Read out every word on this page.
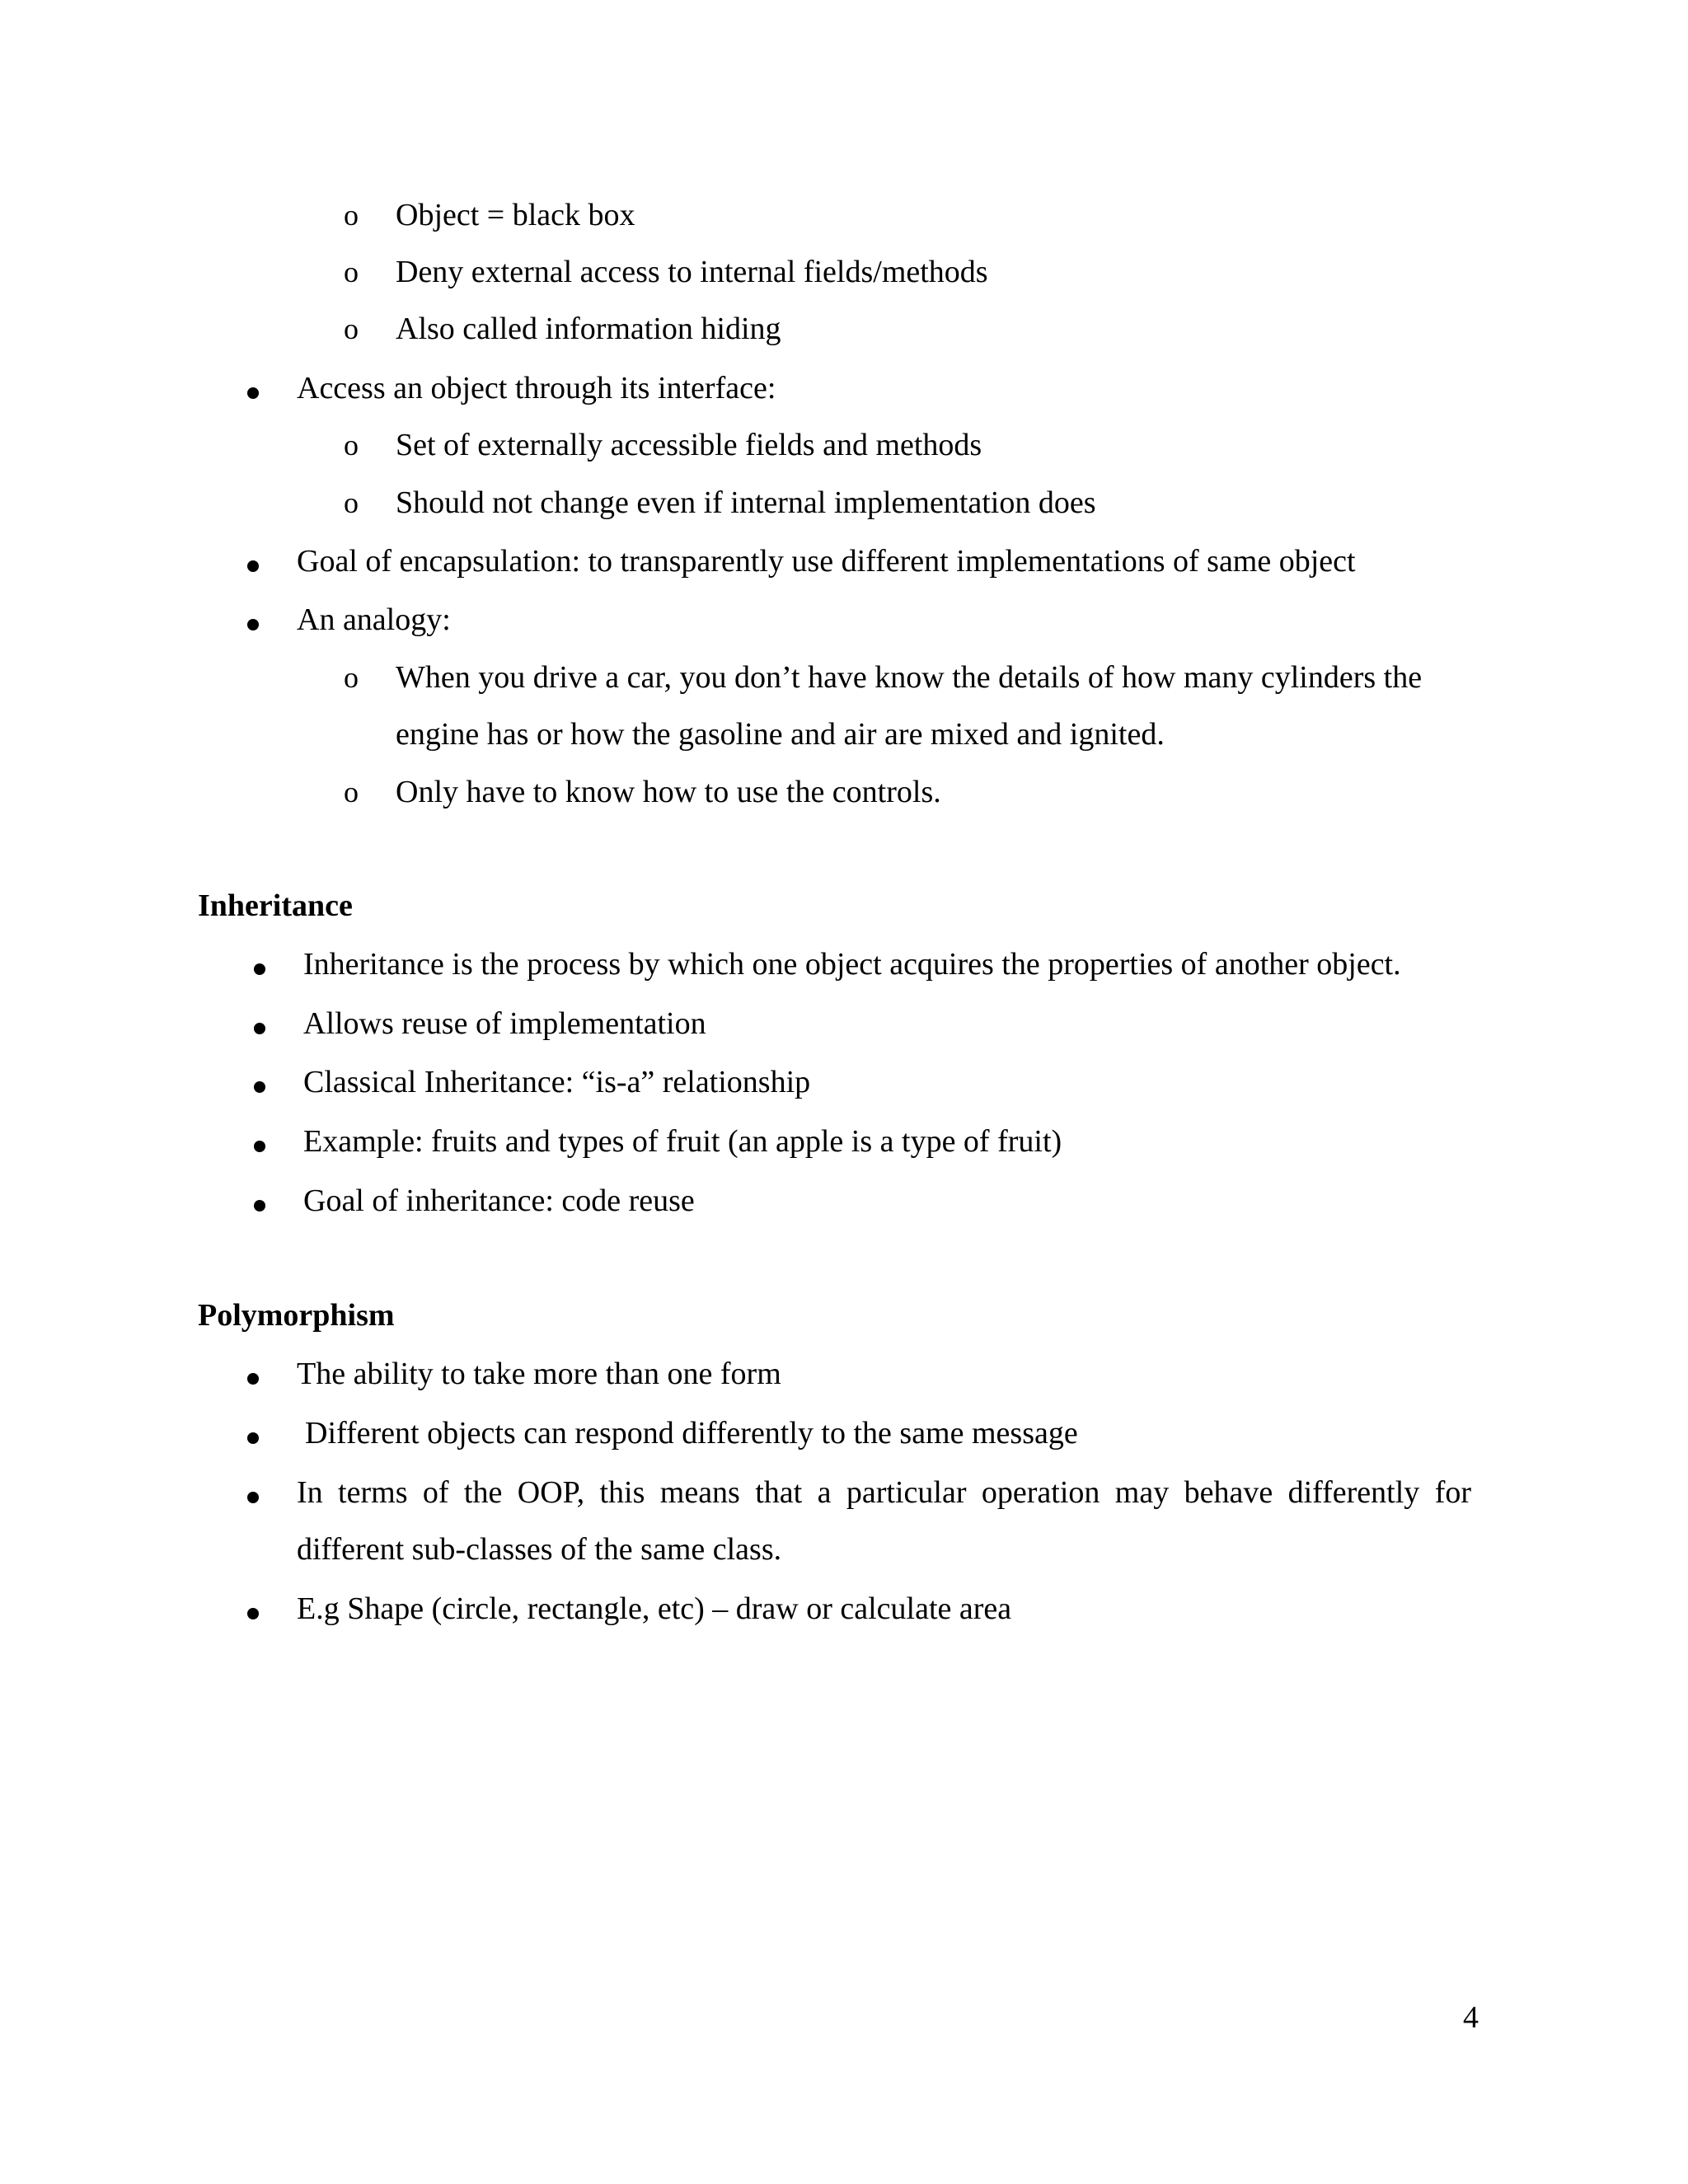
o Object = black box
o Deny external access to internal fields/methods
o Also called information hiding
Access an object through its interface:
o Set of externally accessible fields and methods
o Should not change even if internal implementation does
Goal of encapsulation: to transparently use different implementations of same object
An analogy:
o When you drive a car, you don’t have know the details of how many cylinders the
engine has or how the gasoline and air are mixed and ignited.
o Only have to know how to use the controls.
Inheritance
Inheritance is the process by which one object acquires the properties of another object.
Allows reuse of implementation
Classical Inheritance: “is-a” relationship
Example: fruits and types of fruit (an apple is a type of fruit)
Goal of inheritance: code reuse
Polymorphism
The ability to take more than one form
Different objects can respond differently to the same message
In terms of the OOP, this means that a particular operation may behave differently for
different sub-classes of the same class.
E.g Shape (circle, rectangle, etc) – draw or calculate area
4
